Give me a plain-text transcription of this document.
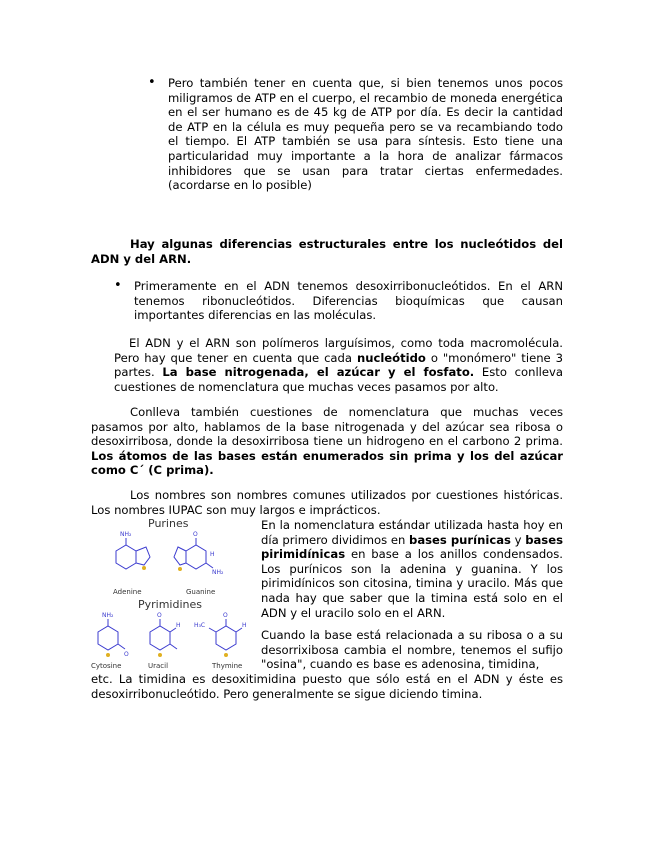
• Pero también tener en cuenta que, si bien tenemos unos pocos miligramos de ATP en el cuerpo, el recambio de moneda energética en el ser humano es de 45 kg de ATP por día. Es decir la cantidad de ATP en la célula es muy pequeña pero se va recambiando todo el tiempo. El ATP también se usa para síntesis. Esto tiene una particularidad muy importante a la hora de analizar fármacos inhibidores que se usan para tratar ciertas enfermedades. (acordarse en lo posible)

Hay algunas diferencias estructurales entre los nucleótidos del ADN y del ARN.

• Primeramente en el ADN tenemos desoxirribonucleótidos. En el ARN tenemos ribonucleótidos. Diferencias bioquímicas que causan importantes diferencias en las moléculas.

El ADN y el ARN son polímeros larguísimos, como toda macromolécula. Pero hay que tener en cuenta que cada nucleótido o "monómero" tiene 3 partes. La base nitrogenada, el azúcar y el fosfato. Esto conlleva cuestiones de nomenclatura que muchas veces pasamos por alto.

Conlleva también cuestiones de nomenclatura que muchas veces pasamos por alto, hablamos de la base nitrogenada y del azúcar sea ribosa o desoxirribosa, donde la desoxirribosa tiene un hidrogeno en el carbono 2 prima. Los átomos de las bases están enumerados sin prima y los del azúcar como C´ (C prima).

Los nombres son nombres comunes utilizados por cuestiones históricas. Los nombres IUPAC son muy largos e imprácticos.

Purines
NH₂
Adenine
O
H
NH₂
Guanine
Pyrimidines
NH₂
O
Cytosine
O
H
Uracil
O
H₃C	H
Thymine

En la nomenclatura estándar utilizada hasta hoy en día primero dividimos en bases purínicas y bases pirimidínicas en base a los anillos condensados. Los purínicos son la adenina y guanina. Y los pirimidínicos son citosina, timina y uracilo. Más que nada hay que saber que la timina está solo en el ADN y el uracilo solo en el ARN.

Cuando la base está relacionada a su ribosa o a su desorrixibosa cambia el nombre, tenemos el sufijo "osina", cuando es base es adenosina, timidina,

etc. La timidina es desoxitimidina puesto que sólo está en el ADN y éste es desoxirribonucleótido. Pero generalmente se sigue diciendo timina.
